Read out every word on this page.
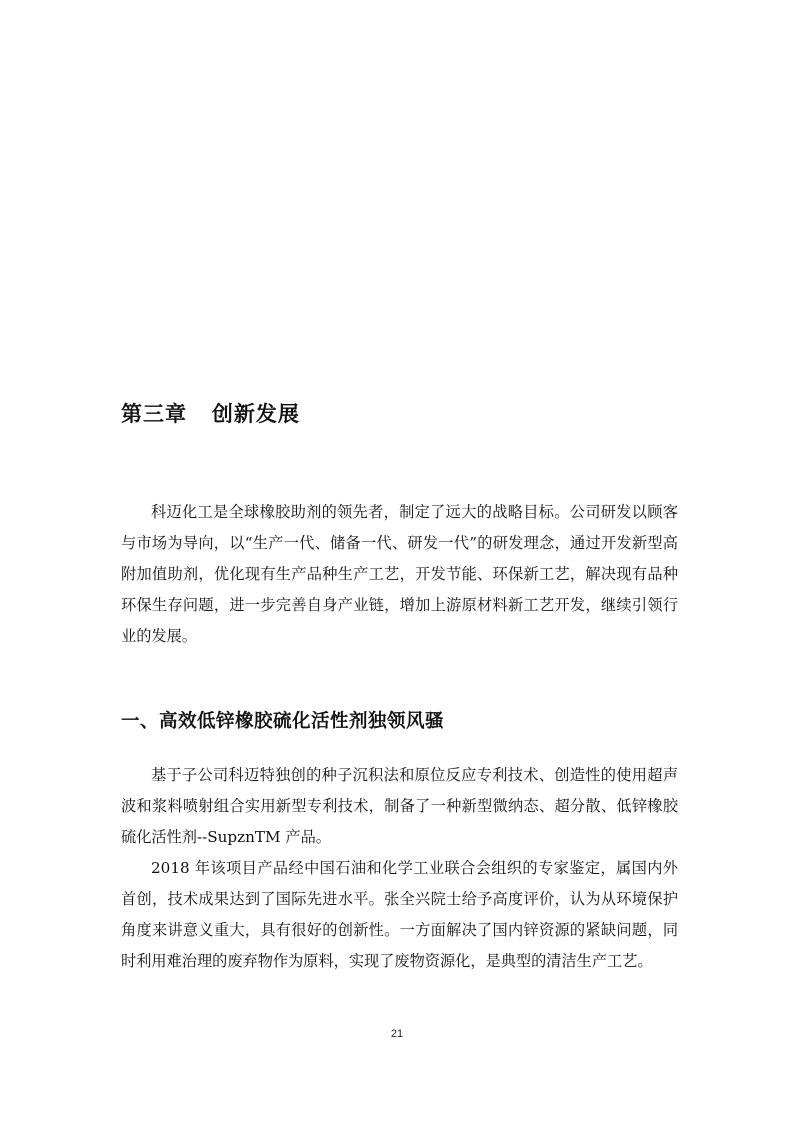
第三章   创新发展

科迈化工是全球橡胶助剂的领先者，制定了远大的战略目标。公司研发以顾客与市场为导向，以“生产一代、储备一代、研发一代”的研发理念，通过开发新型高附加值助剂，优化现有生产品种生产工艺，开发节能、环保新工艺，解决现有品种环保生存问题，进一步完善自身产业链，增加上游原材料新工艺开发，继续引领行业的发展。

一、高效低锌橡胶硫化活性剂独领风骚

基于子公司科迈特独创的种子沉积法和原位反应专利技术、创造性的使用超声波和浆料喷射组合实用新型专利技术，制备了一种新型微纳态、超分散、低锌橡胶硫化活性剂--SupznTM 产品。

2018 年该项目产品经中国石油和化学工业联合会组织的专家鉴定，属国内外首创，技术成果达到了国际先进水平。张全兴院士给予高度评价，认为从环境保护角度来讲意义重大，具有很好的创新性。一方面解决了国内锌资源的紧缺问题，同时利用难治理的废弃物作为原料，实现了废物资源化，是典型的清洁生产工艺。

21
